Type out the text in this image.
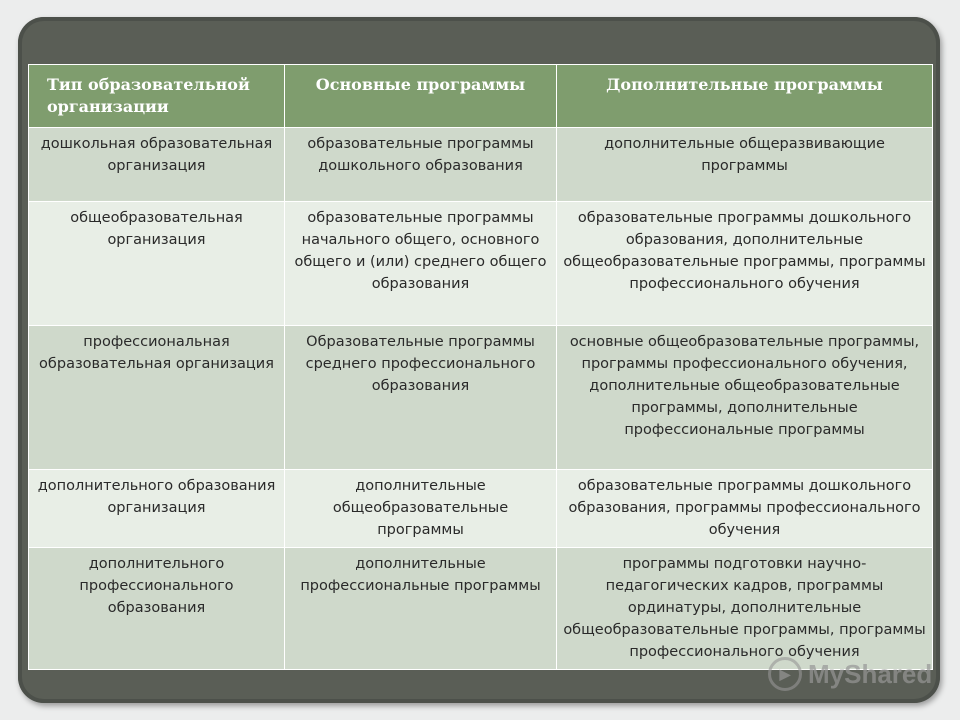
Тип образовательной организации	Основные программы	Дополнительные программы
дошкольная образовательная организация	образовательные программы дошкольного образования	дополнительные общеразвивающие программы
общеобразовательная организация	образовательные программы начального общего, основного общего и (или) среднего общего образования	образовательные программы дошкольного образования, дополнительные общеобразовательные программы, программы профессионального обучения
профессиональная образовательная организация	Образовательные программы среднего профессионального образования	основные общеобразовательные программы, программы профессионального обучения, дополнительные общеобразовательные программы, дополнительные профессиональные программы
дополнительного образования организация	дополнительные общеобразовательные программы	образовательные программы дошкольного образования, программы профессионального обучения
дополнительного профессионального образования	дополнительные профессиональные программы	программы подготовки научно-педагогических кадров, программы ординатуры, дополнительные общеобразовательные программы, программы профессионального обучения
▶ MyShared
